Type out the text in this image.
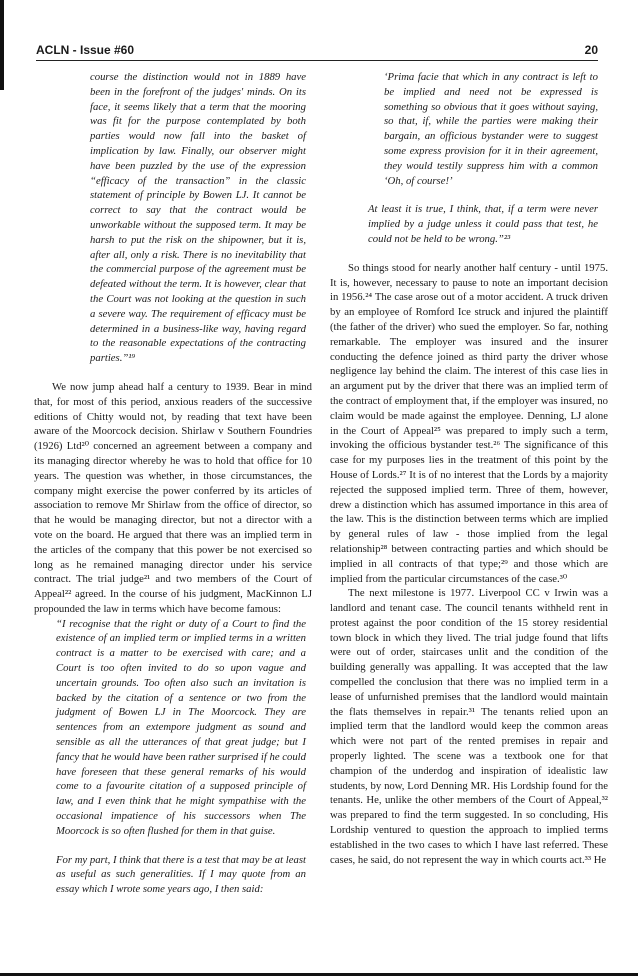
ACLN - Issue #60	20

course the distinction would not in 1889 have been in the forefront of the judges' minds. On its face, it seems likely that a term that the mooring was fit for the purpose contemplated by both parties would now fall into the basket of implication by law. Finally, our observer might have been puzzled by the use of the expression “efficacy of the transaction” in the classic statement of principle by Bowen LJ. It cannot be correct to say that the contract would be unworkable without the supposed term. It may be harsh to put the risk on the shipowner, but it is, after all, only a risk. There is no inevitability that the commercial purpose of the agreement must be defeated without the term. It is however, clear that the Court was not looking at the question in such a severe way. The requirement of efficacy must be determined in a business-like way, having regard to the reasonable expectations of the contracting parties.”¹⁹

We now jump ahead half a century to 1939. Bear in mind that, for most of this period, anxious readers of the successive editions of Chitty would not, by reading that text have been aware of the Moorcock decision. Shirlaw v Southern Foundries (1926) Ltd²⁰ concerned an agreement between a company and its managing director whereby he was to hold that office for 10 years. The question was whether, in those circumstances, the company might exercise the power conferred by its articles of association to remove Mr Shirlaw from the office of director, so that he would be managing director, but not a director with a vote on the board. He argued that there was an implied term in the articles of the company that this power be not exercised so long as he remained managing director under his service contract. The trial judge²¹ and two members of the Court of Appeal²² agreed. In the course of his judgment, MacKinnon LJ propounded the law in terms which have become famous:

“I recognise that the right or duty of a Court to find the existence of an implied term or implied terms in a written contract is a matter to be exercised with care; and a Court is too often invited to do so upon vague and uncertain grounds. Too often also such an invitation is backed by the citation of a sentence or two from the judgment of Bowen LJ in The Moorcock. They are sentences from an extempore judgment as sound and sensible as all the utterances of that great judge; but I fancy that he would have been rather surprised if he could have foreseen that these general remarks of his would come to a favourite citation of a supposed principle of law, and I even think that he might sympathise with the occasional impatience of his successors when The Moorcock is so often flushed for them in that guise.

For my part, I think that there is a test that may be at least as useful as such generalities. If I may quote from an essay which I wrote some years ago, I then said:

‘Prima facie that which in any contract is left to be implied and need not be expressed is something so obvious that it goes without saying, so that, if, while the parties were making their bargain, an officious bystander were to suggest some express provision for it in their agreement, they would testily suppress him with a common ‘Oh, of course!’

At least it is true, I think, that, if a term were never implied by a judge unless it could pass that test, he could not be held to be wrong.”²³

So things stood for nearly another half century - until 1975. It is, however, necessary to pause to note an important decision in 1956.²⁴ The case arose out of a motor accident. A truck driven by an employee of Romford Ice struck and injured the plaintiff (the father of the driver) who sued the employer. So far, nothing remarkable. The employer was insured and the insurer conducting the defence joined as third party the driver whose negligence lay behind the claim. The interest of this case lies in an argument put by the driver that there was an implied term of the contract of employment that, if the employer was insured, no claim would be made against the employee. Denning, LJ alone in the Court of Appeal²⁵ was prepared to imply such a term, invoking the officious bystander test.²⁶ The significance of this case for my purposes lies in the treatment of this point by the House of Lords.²⁷ It is of no interest that the Lords by a majority rejected the supposed implied term. Three of them, however, drew a distinction which has assumed importance in this area of the law. This is the distinction between terms which are implied by general rules of law - those implied from the legal relationship²⁸ between contracting parties and which should be implied in all contracts of that type;²⁹ and those which are implied from the particular circumstances of the case.³⁰

The next milestone is 1977. Liverpool CC v Irwin was a landlord and tenant case. The council tenants withheld rent in protest against the poor condition of the 15 storey residential town block in which they lived. The trial judge found that lifts were out of order, staircases unlit and the condition of the building generally was appalling. It was accepted that the law compelled the conclusion that there was no implied term in a lease of unfurnished premises that the landlord would maintain the flats themselves in repair.³¹ The tenants relied upon an implied term that the landlord would keep the common areas which were not part of the rented premises in repair and properly lighted. The scene was a textbook one for that champion of the underdog and inspiration of idealistic law students, by now, Lord Denning MR. His Lordship found for the tenants. He, unlike the other members of the Court of Appeal,³² was prepared to find the term suggested. In so concluding, His Lordship ventured to question the approach to implied terms established in the two cases to which I have last referred. These cases, he said, do not represent the way in which courts act.³³ He
